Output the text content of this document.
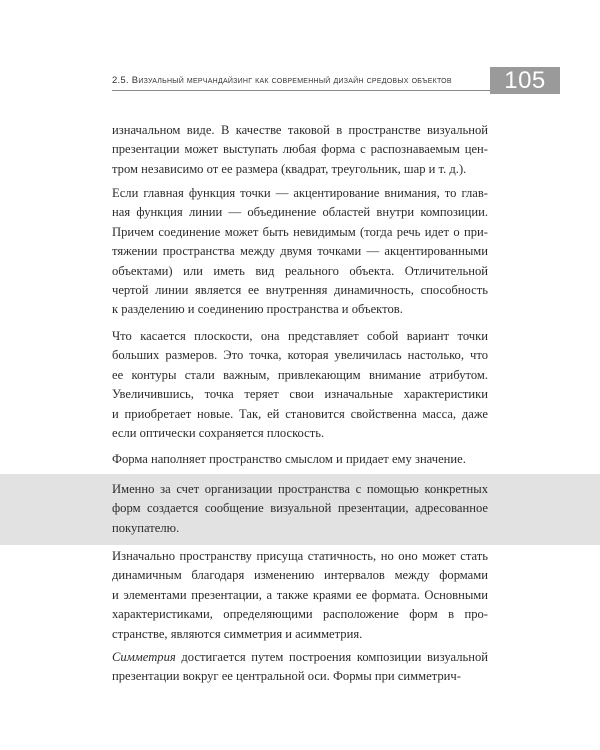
2.5. Визуальный мерчандайзинг как современный дизайн средовых объектов	105

изначальном виде. В качестве таковой в пространстве визуальной
презентации может выступать любая форма с распознаваемым цен-
тром независимо от ее размера (квадрат, треугольник, шар и т. д.).

Если главная функция точки — акцентирование внимания, то глав-
ная функция линии — объединение областей внутри композиции.
Причем соединение может быть невидимым (тогда речь идет о при-
тяжении пространства между двумя точками — акцентированными
объектами) или иметь вид реального объекта. Отличительной
чертой линии является ее внутренняя динамичность, способность
к разделению и соединению пространства и объектов.

Что касается плоскости, она представляет собой вариант точки
больших размеров. Это точка, которая увеличилась настолько, что
ее контуры стали важным, привлекающим внимание атрибутом.
Увеличившись, точка теряет свои изначальные характеристики
и приобретает новые. Так, ей становится свойственна масса, даже
если оптически сохраняется плоскость.

Форма наполняет пространство смыслом и придает ему значение.

Именно за счет организации пространства с помощью конкретных
форм создается сообщение визуальной презентации, адресованное
покупателю.

Изначально пространству присуща статичность, но оно может стать
динамичным благодаря изменению интервалов между формами
и элементами презентации, а также краями ее формата. Основными
характеристиками, определяющими расположение форм в про-
странстве, являются симметрия и асимметрия.

Симметрия достигается путем построения композиции визуальной
презентации вокруг ее центральной оси. Формы при симметрич-
